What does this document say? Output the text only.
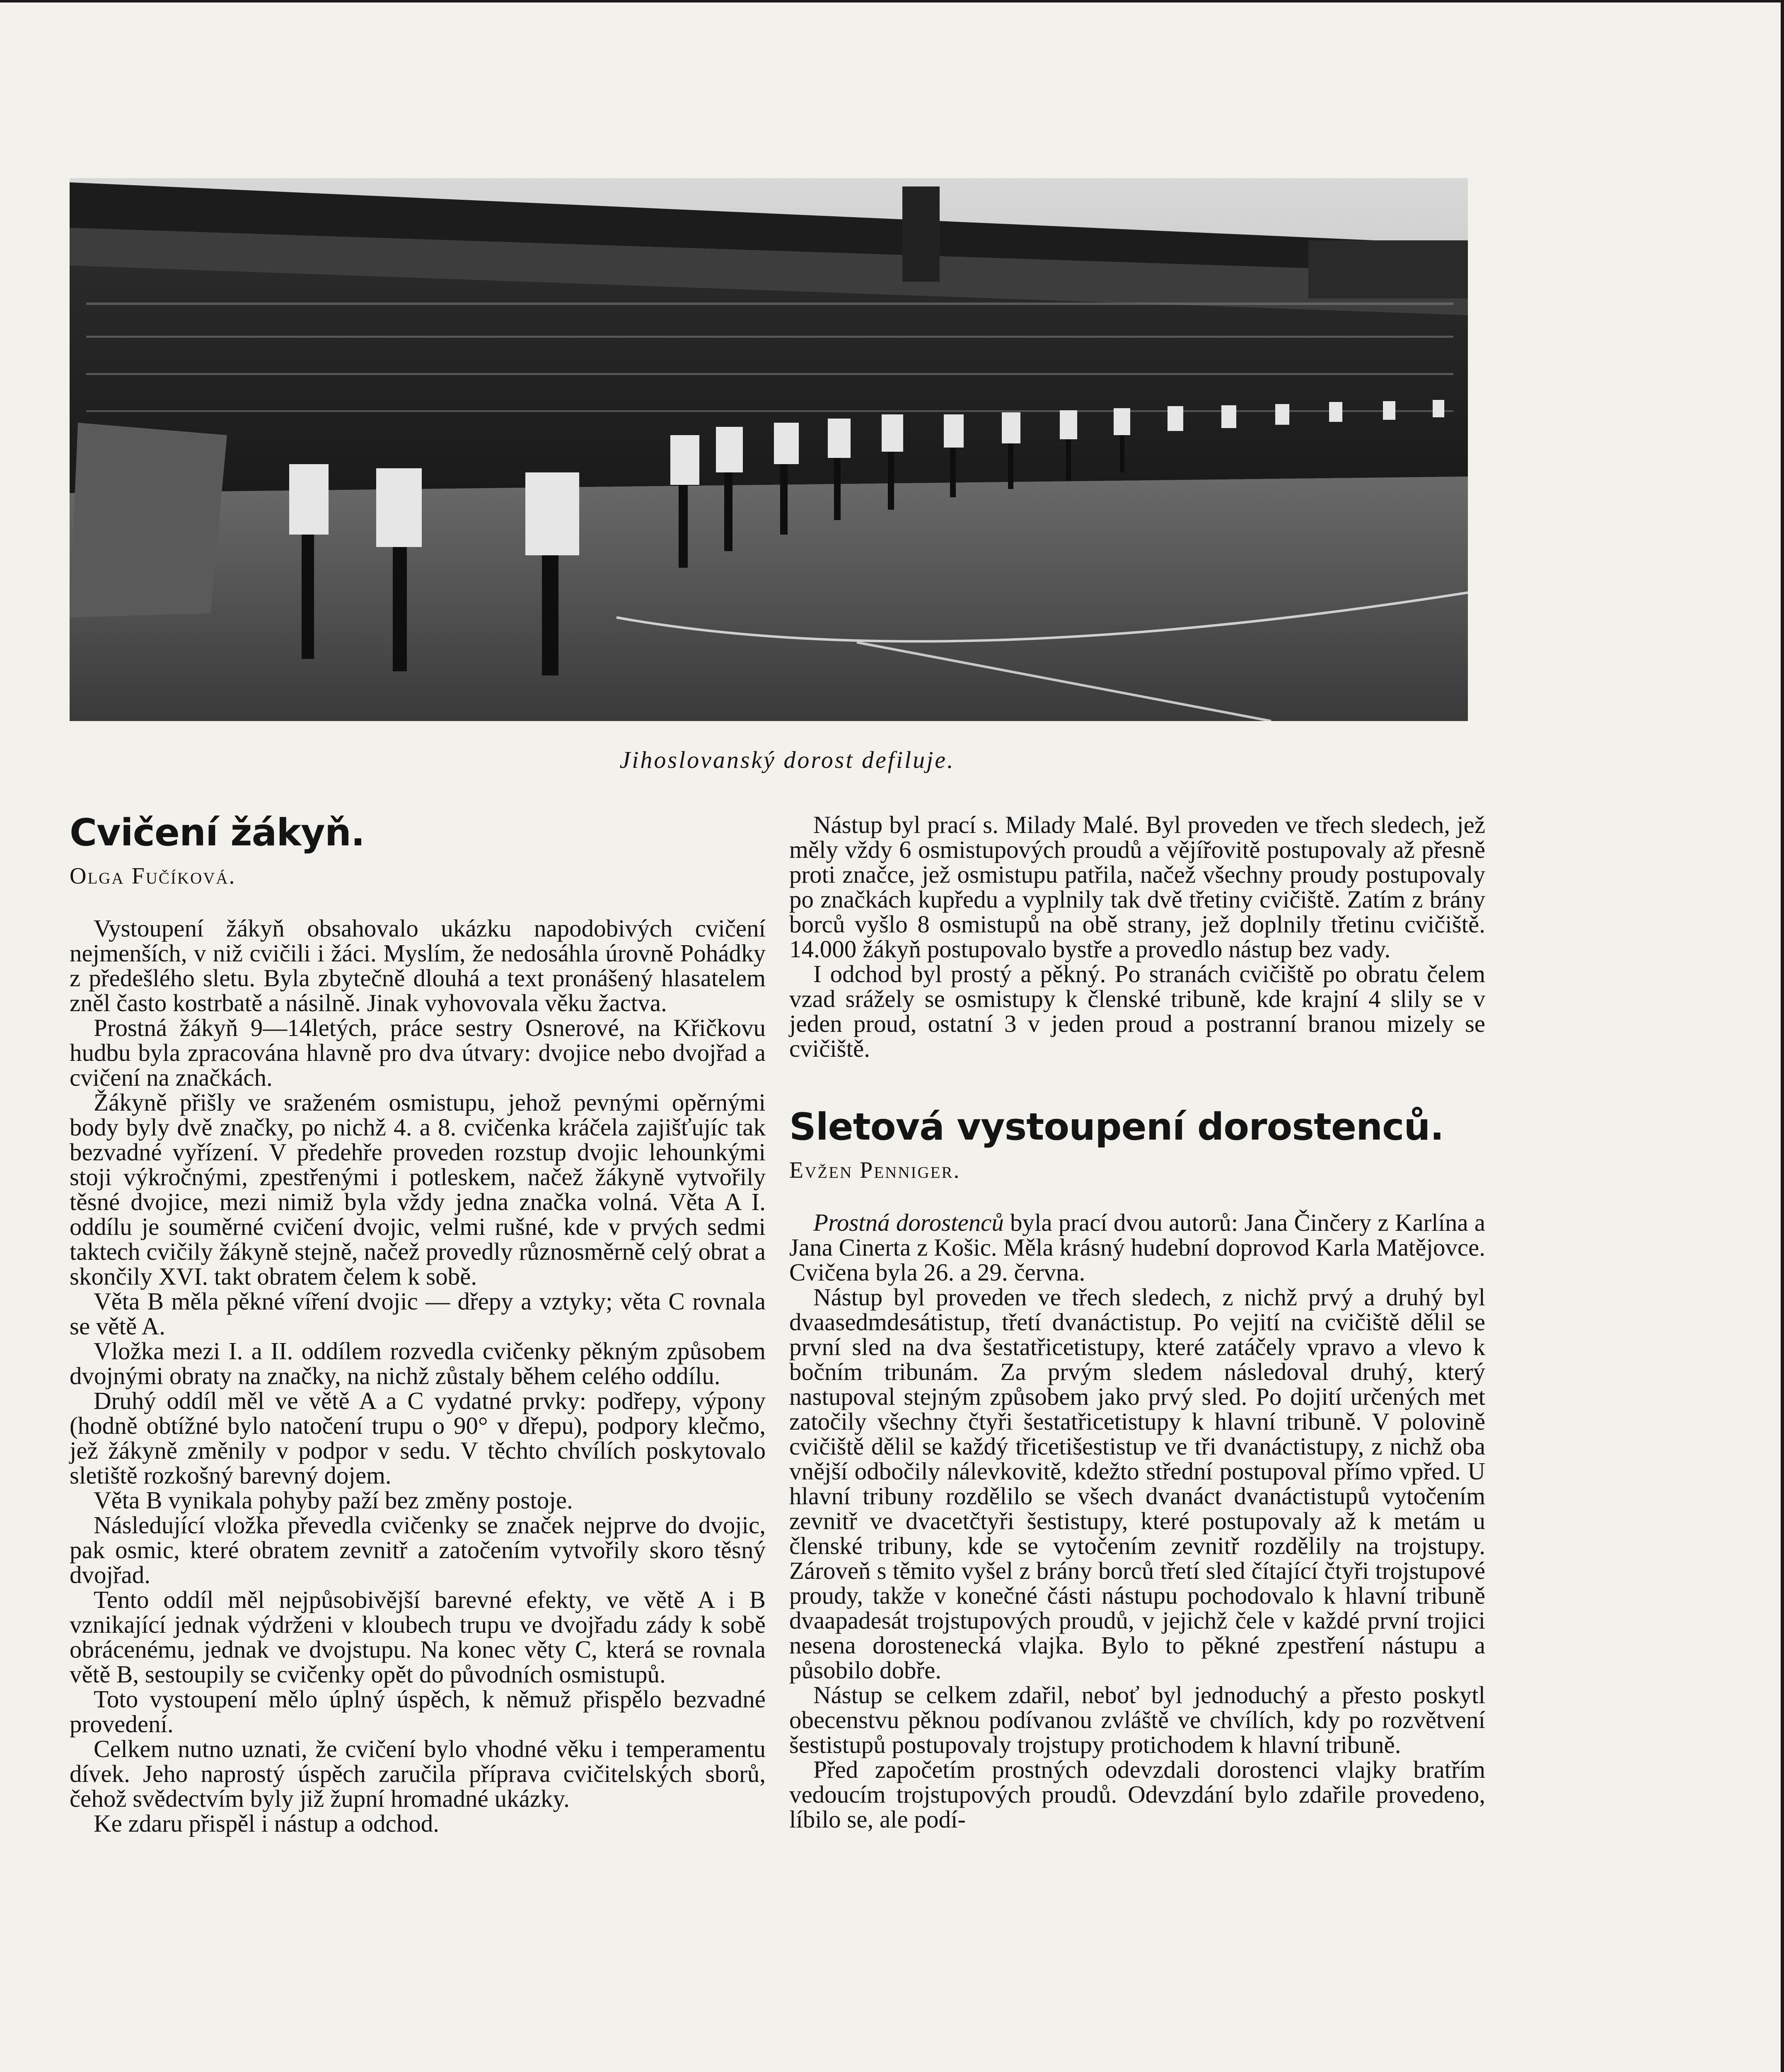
Jihoslovanský dorost defiluje.
Cvičení žákyň.
Olga Fučíková.

Vystoupení žákyň obsahovalo ukázku napodobivých cvičení nejmenších, v niž cvičili i žáci. Myslím, že nedosáhla úrovně Pohádky z předešlého sletu. Byla zbytečně dlouhá a text pronášený hlasatelem zněl často kostrbatě a násilně. Jinak vyhovovala věku žactva.

Prostná žákyň 9—14letých, práce sestry Osnerové, na Křičkovu hudbu byla zpracována hlavně pro dva útvary: dvojice nebo dvojřad a cvičení na značkách.

Žákyně přišly ve sraženém osmistupu, jehož pevnými opěrnými body byly dvě značky, po nichž 4. a 8. cvičenka kráčela zajišťujíc tak bezvadné vyřízení. V předehře proveden rozstup dvojic lehounkými stoji výkročnými, zpestřenými i potleskem, načež žákyně vytvořily těsné dvojice, mezi nimiž byla vždy jedna značka volná. Věta A I. oddílu je souměrné cvičení dvojic, velmi rušné, kde v prvých sedmi taktech cvičily žákyně stejně, načež provedly různosměrně celý obrat a skončily XVI. takt obratem čelem k sobě.

Věta B měla pěkné víření dvojic — dřepy a vztyky; věta C rovnala se větě A.

Vložka mezi I. a II. oddílem rozvedla cvičenky pěkným způsobem dvojnými obraty na značky, na nichž zůstaly během celého oddílu.

Druhý oddíl měl ve větě A a C vydatné prvky: podřepy, výpony (hodně obtížné bylo natočení trupu o 90° v dřepu), podpory klečmo, jež žákyně změnily v podpor v sedu. V těchto chvílích poskytovalo sletiště rozkošný barevný dojem.

Věta B vynikala pohyby paží bez změny postoje.

Následující vložka převedla cvičenky se značek nejprve do dvojic, pak osmic, které obratem zevnitř a zatočením vytvořily skoro těsný dvojřad.

Tento oddíl měl nejpůsobivější barevné efekty, ve větě A i B vznikající jednak výdrženi v kloubech trupu ve dvojřadu zády k sobě obrácenému, jednak ve dvojstupu. Na konec věty C, která se rovnala větě B, sestoupily se cvičenky opět do původních osmistupů.

Toto vystoupení mělo úplný úspěch, k němuž přispělo bezvadné provedení.

Celkem nutno uznati, že cvičení bylo vhodné věku i temperamentu dívek. Jeho naprostý úspěch zaručila příprava cvičitelských sborů, čehož svědectvím byly již župní hromadné ukázky.

Ke zdaru přispěl i nástup a odchod.

Nástup byl prací s. Milady Malé. Byl proveden ve třech sledech, jež měly vždy 6 osmistupových proudů a vějířovitě postupovaly až přesně proti značce, jež osmistupu patřila, načež všechny proudy postupovaly po značkách kupředu a vyplnily tak dvě třetiny cvičiště. Zatím z brány borců vyšlo 8 osmistupů na obě strany, jež doplnily třetinu cvičiště. 14.000 žákyň postupovalo bystře a provedlo nástup bez vady.

I odchod byl prostý a pěkný. Po stranách cvičiště po obratu čelem vzad srážely se osmistupy k členské tribuně, kde krajní 4 slily se v jeden proud, ostatní 3 v jeden proud a postranní branou mizely se cvičiště.

Sletová vystoupení dorostenců.
Evžen Penniger.

Prostná dorostenců byla prací dvou autorů: Jana Činčery z Karlína a Jana Cinerta z Košic. Měla krásný hudební doprovod Karla Matějovce. Cvičena byla 26. a 29. června.

Nástup byl proveden ve třech sledech, z nichž prvý a druhý byl dvaasedmdesátistup, třetí dvanáctistup. Po vejití na cvičiště dělil se první sled na dva šestatřicetistupy, které zatáčely vpravo a vlevo k bočním tribunám. Za prvým sledem následoval druhý, který nastupoval stejným způsobem jako prvý sled. Po dojití určených met zatočily všechny čtyři šestatřicetistupy k hlavní tribuně. V polovině cvičiště dělil se každý třicetišestistup ve tři dvanáctistupy, z nichž oba vnější odbočily nálevkovitě, kdežto střední postupoval přímo vpřed. U hlavní tribuny rozdělilo se všech dvanáct dvanáctistupů vytočením zevnitř ve dvacetčtyři šestistupy, které postupovaly až k metám u členské tribuny, kde se vytočením zevnitř rozdělily na trojstupy. Zároveň s těmito vyšel z brány borců třetí sled čítající čtyři trojstupové proudy, takže v konečné části nástupu pochodovalo k hlavní tribuně dvaapadesát trojstupových proudů, v jejichž čele v každé první trojici nesena dorostenecká vlajka. Bylo to pěkné zpestření nástupu a působilo dobře.

Nástup se celkem zdařil, neboť byl jednoduchý a přesto poskytl obecenstvu pěknou podívanou zvláště ve chvílích, kdy po rozvětvení šestistupů postupovaly trojstupy protichodem k hlavní tribuně.

Před započetím prostných odevzdali dorostenci vlajky bratřím vedoucím trojstupových proudů. Odevzdání bylo zdařile provedeno, líbilo se, ale podí-
